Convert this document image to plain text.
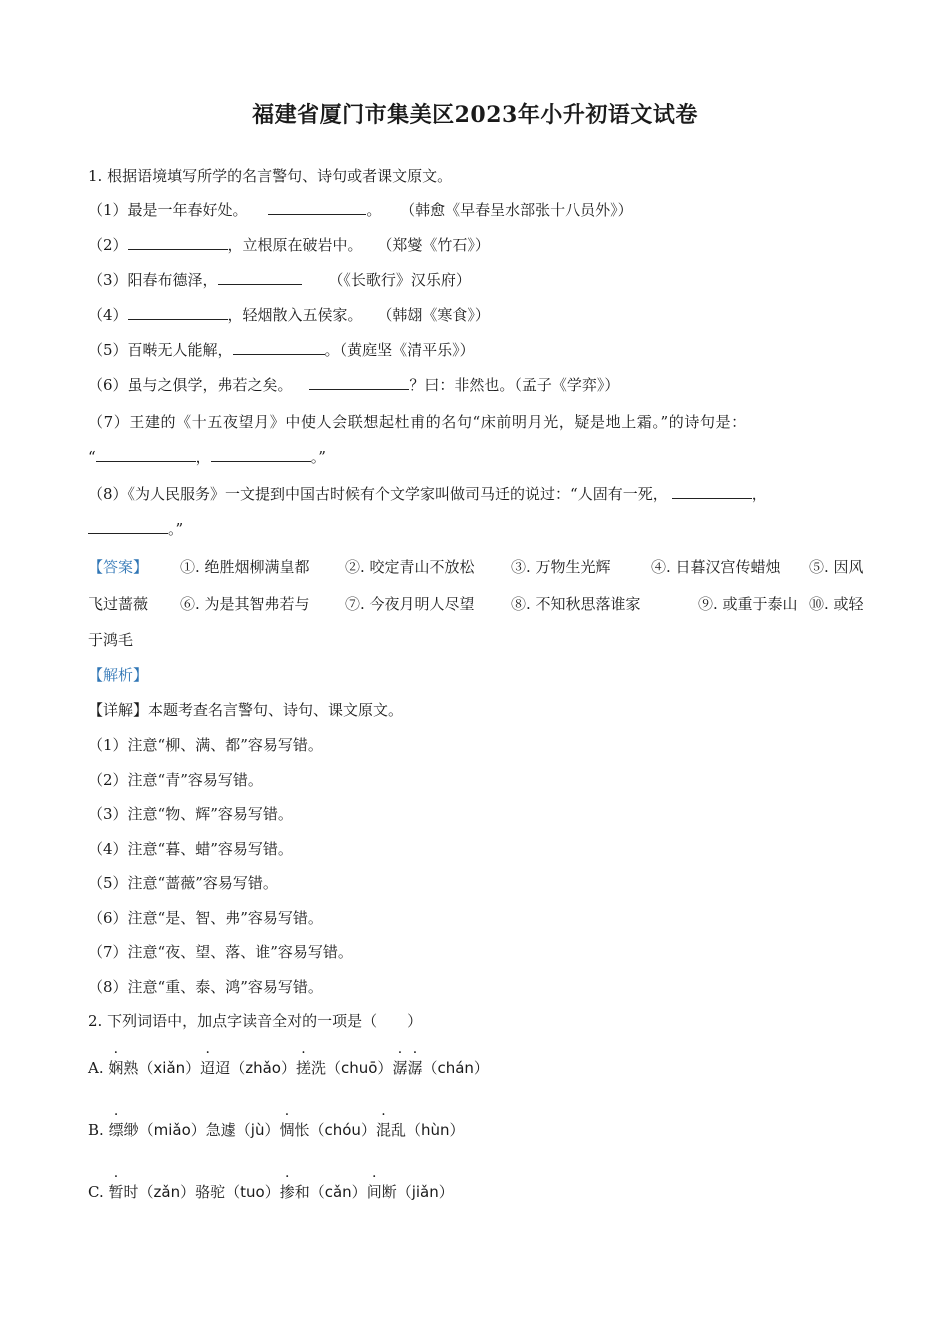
福建省厦门市集美区2023年小升初语文试卷
1. 根据语境填写所学的名言警句、诗句或者课文原文。
（1）最是一年春好处。	。 （韩愈《早春呈水部张十八员外》）
（2）	，立根原在破岩中。 （郑燮《竹石》）
（3）阳春布德泽，	（《长歌行》汉乐府）
（4）	，轻烟散入五侯家。 （韩翃《寒食》）
（5）百啭无人能解，	。（黄庭坚《清平乐》）
（6）虽与之俱学，弗若之矣。	？曰：非然也。（孟子《学弈》）
（7）王建的《十五夜望月》中使人会联想起杜甫的名句“床前明月光，疑是地上霜。”的诗句是：
“	，	。”
（8）《为人民服务》一文提到中国古时候有个文学家叫做司马迁的说过：“人固有一死，	，
。”
【答案】 ①. 绝胜烟柳满皇都 ②. 咬定青山不放松 ③. 万物生光辉	④. 日暮汉宫传蜡烛 ⑤. 因风
飞过蔷薇 ⑥. 为是其智弗若与 ⑦. 今夜月明人尽望 ⑧. 不知秋思落谁家	⑨. 或重于泰山 ⑩. 或轻
于鸿毛
【解析】
【详解】本题考查名言警句、诗句、课文原文。
（1）注意“柳、满、都”容易写错。
（2）注意“青”容易写错。
（3）注意“物、辉”容易写错。
（4）注意“暮、蜡”容易写错。
（5）注意“蔷薇”容易写错。
（6）注意“是、智、弗”容易写错。
（7）注意“夜、望、落、谁”容易写错。
（8）注意“重、泰、鸿”容易写错。
2. 下列词语中，加点字读音全对的一项是（　　）
A. 娴熟（xiǎn）迢迢（zhǎo）搓洗（chuō）潺潺（chán）
B. 缥缈（miǎo）急遽（jù）惆怅（chóu）混乱（hùn）
C. 暂时（zǎn）骆驼（tuo）掺和（cǎn）间断（jiǎn）
